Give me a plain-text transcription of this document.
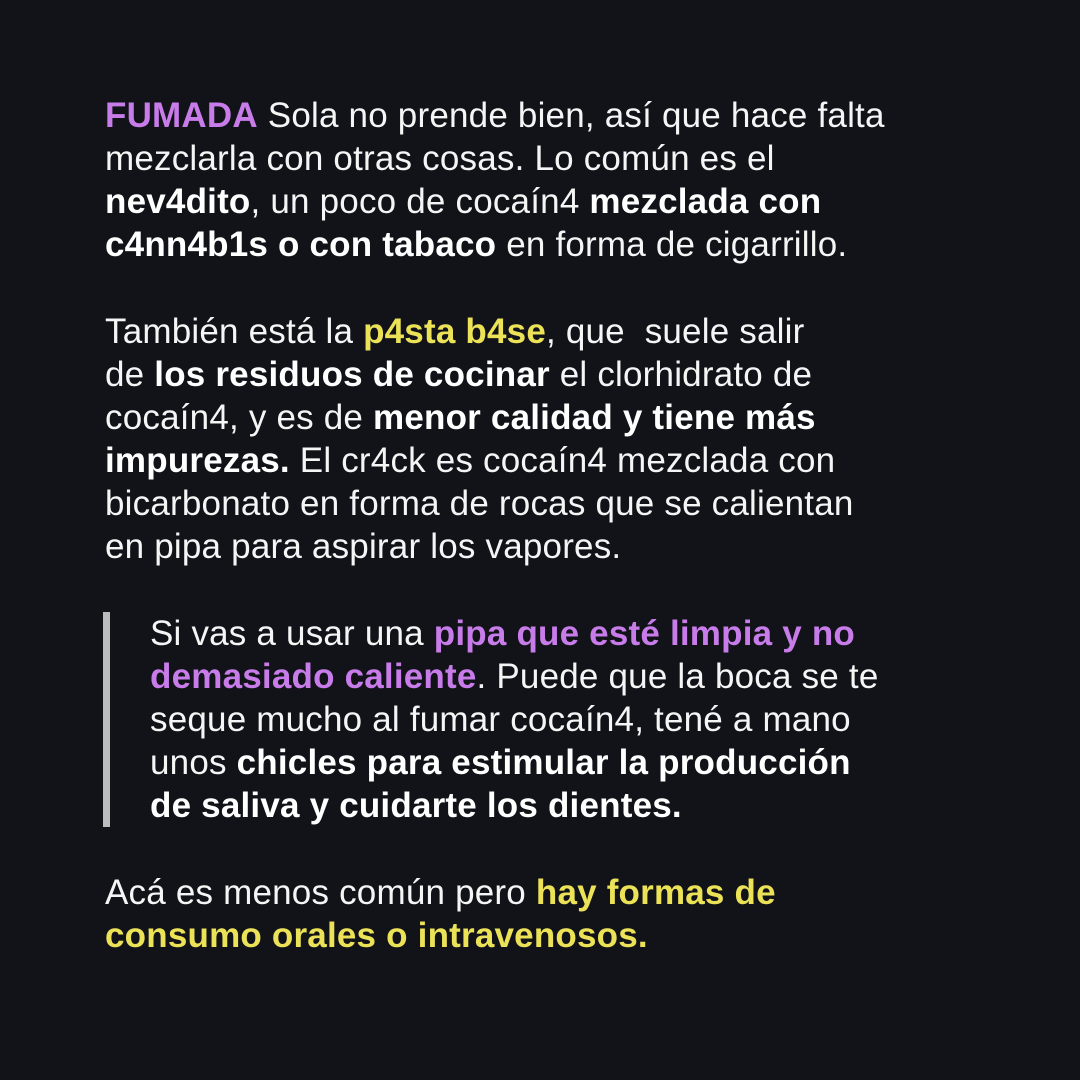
FUMADA Sola no prende bien, así que hace falta
mezclarla con otras cosas. Lo común es el
nev4dito, un poco de cocaín4 mezclada con
c4nn4b1s o con tabaco en forma de cigarrillo.
También está la p4sta b4se, que  suele salir
de los residuos de cocinar el clorhidrato de
cocaín4, y es de menor calidad y tiene más
impurezas. El cr4ck es cocaín4 mezclada con
bicarbonato en forma de rocas que se calientan
en pipa para aspirar los vapores.
Si vas a usar una pipa que esté limpia y no
demasiado caliente. Puede que la boca se te
seque mucho al fumar cocaín4, tené a mano
unos chicles para estimular la producción
de saliva y cuidarte los dientes.
Acá es menos común pero hay formas de
consumo orales o intravenosos.
